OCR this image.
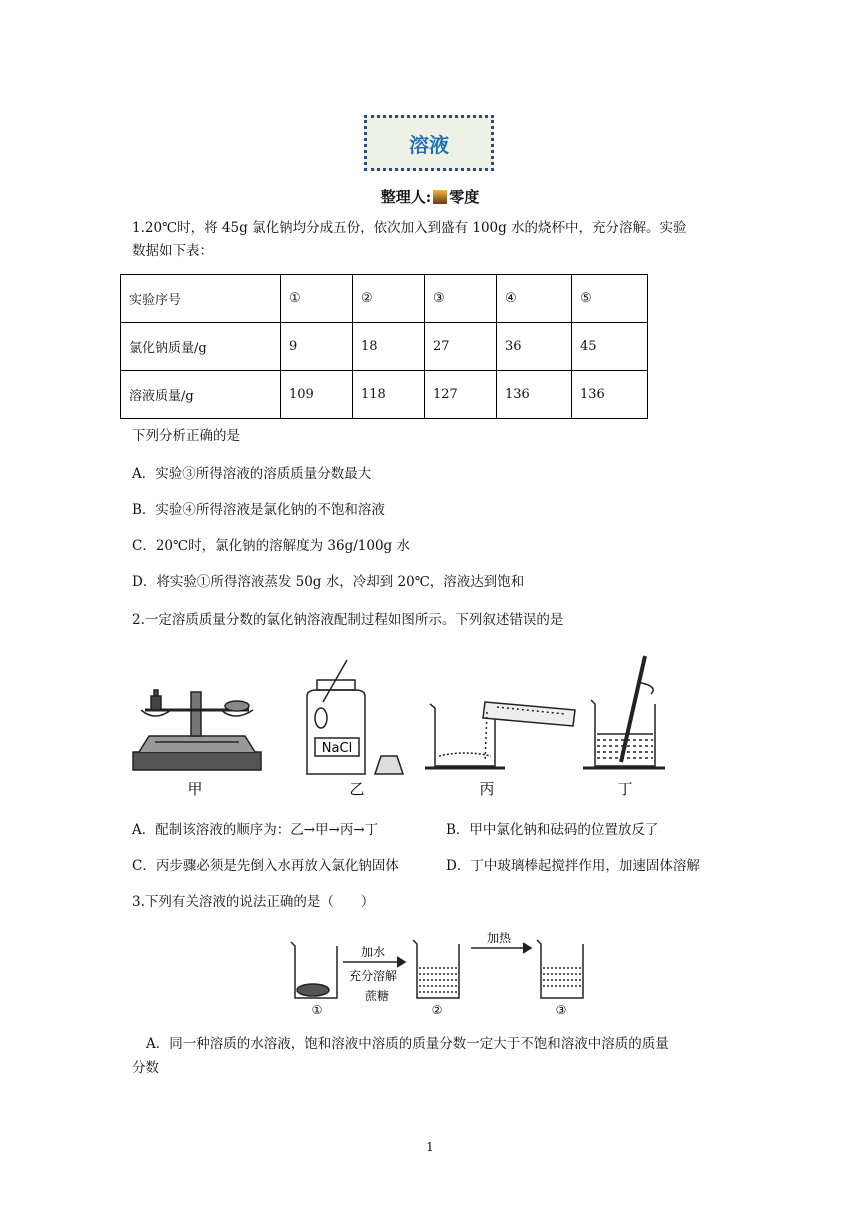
溶液
整理人: 零度
1.20℃时，将 45g 氯化钠均分成五份，依次加入到盛有 100g 水的烧杯中，充分溶解。实验
数据如下表：
实验序号	①	②	③	④	⑤
氯化钠质量/g	9	18	27	36	45
溶液质量/g	109	118	127	136	136
下列分析正确的是
A．实验③所得溶液的溶质质量分数最大
B．实验④所得溶液是氯化钠的不饱和溶液
C．20℃时，氯化钠的溶解度为 36g/100g 水
D．将实验①所得溶液蒸发 50g 水，冷却到 20℃，溶液达到饱和
2.一定溶质质量分数的氯化钠溶液配制过程如图所示。下列叙述错误的是
甲
NaCl
乙	丙	丁
A．配制该溶液的顺序为：乙→甲→丙→丁	B．甲中氯化钠和砝码的位置放反了
C．丙步骤必须是先倒入水再放入氯化钠固体	D．丁中玻璃棒起搅拌作用，加速固体溶解
3.下列有关溶液的说法正确的是（　　）
加水
充分溶解
蔗糖
加热
①	②	③
A．同一种溶质的水溶液，饱和溶液中溶质的质量分数一定大于不饱和溶液中溶质的质量
分数
1
